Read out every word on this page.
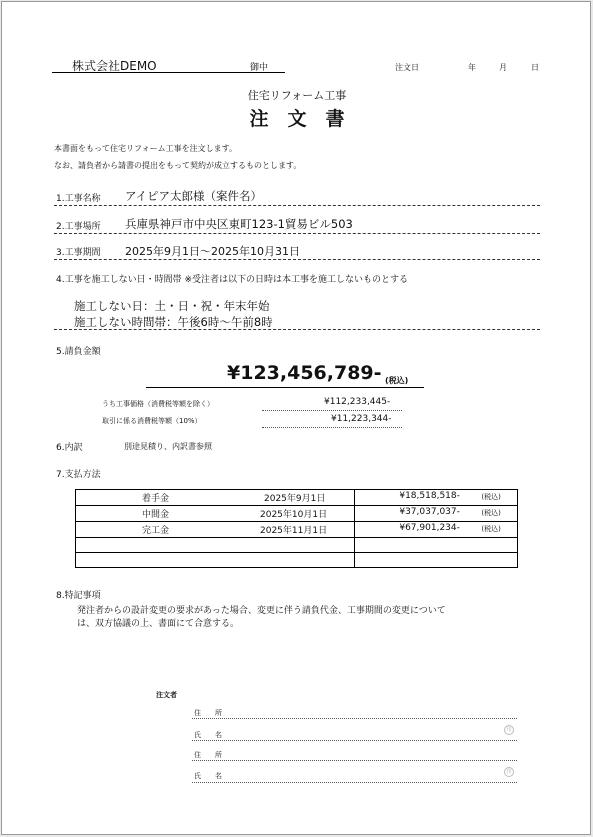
株式会社DEMO	御中	注文日	年	月	日
住宅リフォーム工事
注　文　書
本書面をもって住宅リフォーム工事を注文します。
なお、請負者から請書の提出をもって契約が成立するものとします。
1.工事名称 アイピア太郎様（案件名）
2.工事場所 兵庫県神戸市中央区東町123-1貿易ビル503
3.工事期間 2025年9月1日～2025年10月31日
4.工事を施工しない日・時間帯 ※受注者は以下の日時は本工事を施工しないものとする
施工しない日：土・日・祝・年末年始
施工しない時間帯：午後6時～午前8時
5.請負金額
¥123,456,789- (税込)
うち工事価格（消費税等額を除く）	¥112,233,445-
取引に係る消費税等額（10%）	¥11,223,344-
6.内訳	別途見積り、内訳書参照
7.支払方法
着手金 2025年9月1日	¥18,518,518- (税込)

中間金 2025年10月1日	¥37,037,037- (税込)

完工金 2025年11月1日	¥67,901,234- (税込)

8.特記事項
発注者からの設計変更の要求があった場合、変更に伴う請負代金、工事期間の変更について
は、双方協議の上、書面にて合意する。
注文者
住　　所
氏　　名
印
住　　所
氏　　名	印
